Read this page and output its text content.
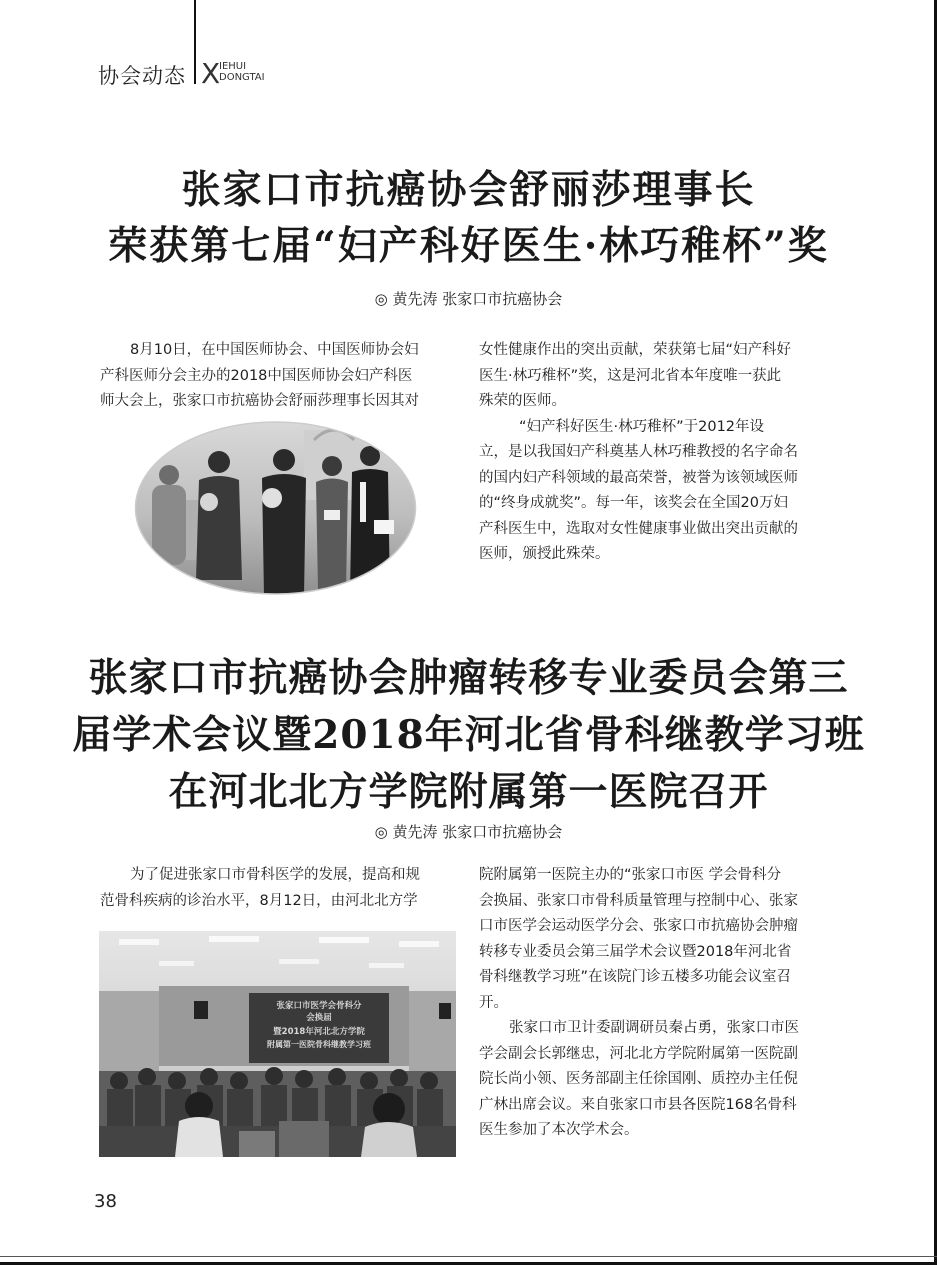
协会动态 X
IEHUI
DONGTAI
张家口市抗癌协会舒丽莎理事长
荣获第七届“妇产科好医生·林巧稚杯”奖
◎ 黄先涛 张家口市抗癌协会
8月10日，在中国医师协会、中国医师协会妇
产科医师分会主办的2018中国医师协会妇产科医
师大会上，张家口市抗癌协会舒丽莎理事长因其对
女性健康作出的突出贡献，荣获第七届“妇产科好
医生·林巧稚杯”奖，这是河北省本年度唯一获此
殊荣的医师。
“妇产科好医生·林巧稚杯”于2012年设
立，是以我国妇产科奠基人林巧稚教授的名字命名
的国内妇产科领域的最高荣誉，被誉为该领域医师
的“终身成就奖”。每一年，该奖会在全国20万妇
产科医生中，选取对女性健康事业做出突出贡献的
医师，颁授此殊荣。
张家口市抗癌协会肿瘤转移专业委员会第三
届学术会议暨2018年河北省骨科继教学习班
在河北北方学院附属第一医院召开
◎ 黄先涛 张家口市抗癌协会
为了促进张家口市骨科医学的发展，提高和规
范骨科疾病的诊治水平，8月12日，由河北北方学
院附属第一医院主办的“张家口市医 学会骨科分
会换届、张家口市骨科质量管理与控制中心、张家
口市医学会运动医学分会、张家口市抗癌协会肿瘤
转移专业委员会第三届学术会议暨2018年河北省
骨科继教学习班”在该院门诊五楼多功能会议室召
开。
张家口市卫计委副调研员秦占勇，张家口市医
学会副会长郭继忠，河北北方学院附属第一医院副
院长尚小领、医务部副主任徐国刚、质控办主任倪
广林出席会议。来自张家口市县各医院168名骨科
医生参加了本次学术会。
张家口市医学会骨科分
会换届
暨2018年河北北方学院
附属第一医院骨科继教学习班
38
